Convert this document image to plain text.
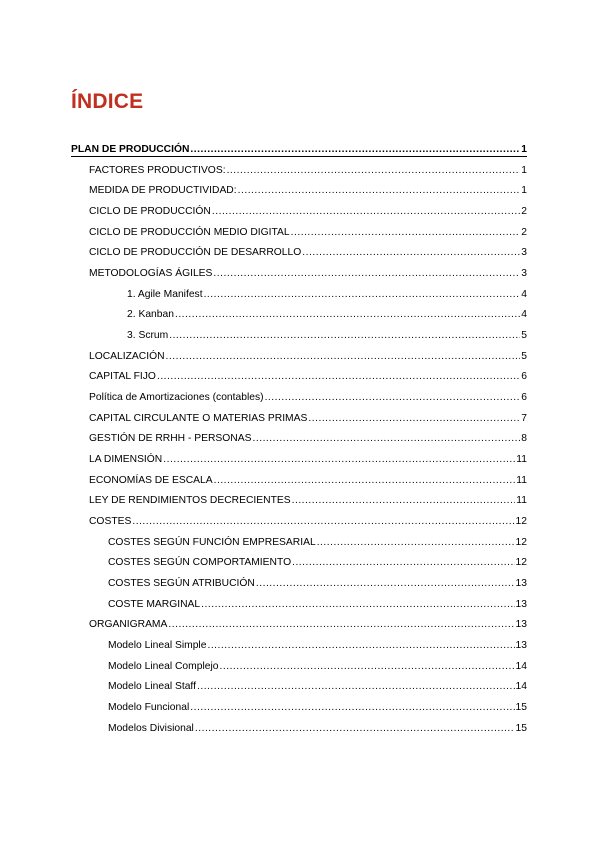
ÍNDICE
PLAN DE PRODUCCIÓN .....	1
FACTORES PRODUCTIVOS: .....	1
MEDIDA DE PRODUCTIVIDAD: .....	1
CICLO DE PRODUCCIÓN .....	2
CICLO DE PRODUCCIÓN MEDIO DIGITAL .....	2
CICLO DE PRODUCCIÓN DE DESARROLLO .....	3
METODOLOGÍAS ÁGILES .....	3
1. Agile Manifest .....	4
2. Kanban .....	4
3. Scrum .....	5
LOCALIZACIÓN .....	5
CAPITAL FIJO .....	6
Política de Amortizaciones (contables) .....	6
CAPITAL CIRCULANTE O MATERIAS PRIMAS .....	7
GESTIÓN DE RRHH - PERSONAS .....	8
LA DIMENSIÓN .....	11
ECONOMÍAS DE ESCALA .....	11
LEY DE RENDIMIENTOS DECRECIENTES .....	11
COSTES .....	12
COSTES SEGÚN FUNCIÓN EMPRESARIAL .....	12
COSTES SEGÚN COMPORTAMIENTO .....	12
COSTES SEGÚN ATRIBUCIÓN .....	13
COSTE MARGINAL .....	13
ORGANIGRAMA .....	13
Modelo Lineal Simple .....	13
Modelo Lineal Complejo .....	14
Modelo Lineal Staff .....	14
Modelo Funcional .....	15
Modelos Divisional .....	15
